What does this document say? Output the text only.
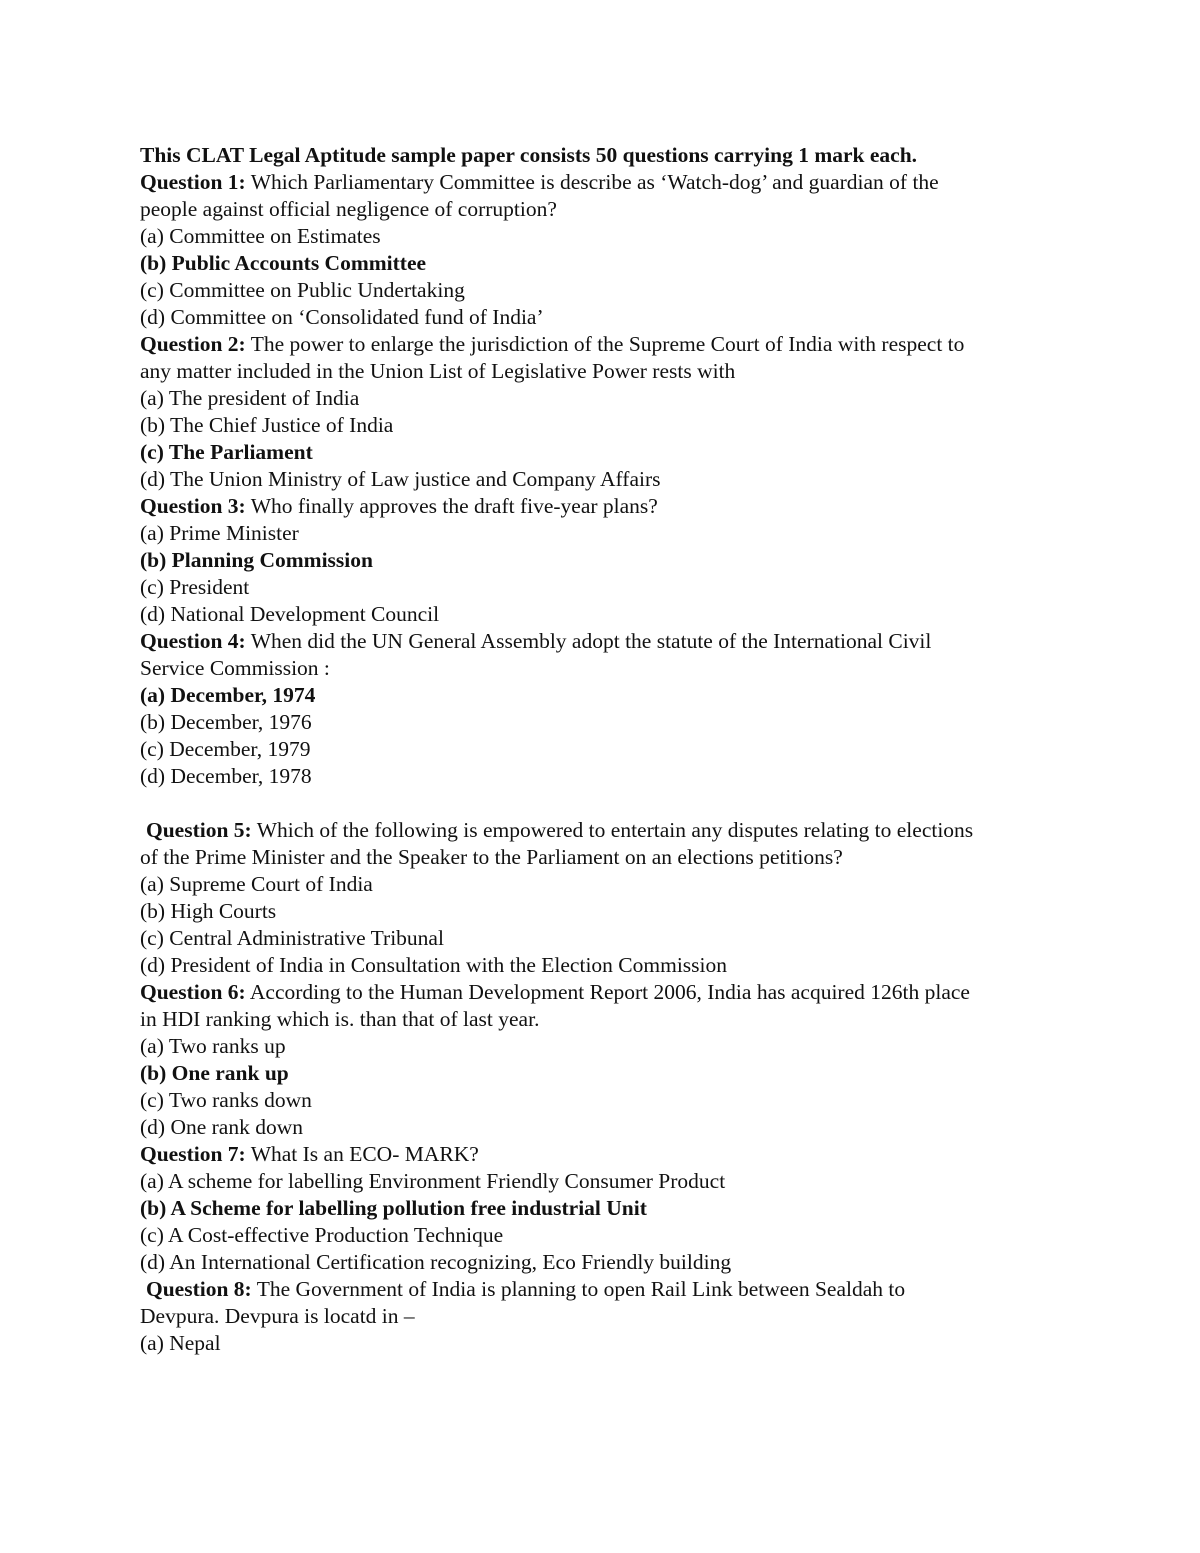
This CLAT Legal Aptitude sample paper consists 50 questions carrying 1 mark each.
Question 1: Which Parliamentary Committee is describe as ‘Watch-dog’ and guardian of the
people against official negligence of corruption?
(a) Committee on Estimates
(b) Public Accounts Committee
(c) Committee on Public Undertaking
(d) Committee on ‘Consolidated fund of India’
Question 2: The power to enlarge the jurisdiction of the Supreme Court of India with respect to
any matter included in the Union List of Legislative Power rests with
(a) The president of India
(b) The Chief Justice of India
(c) The Parliament
(d) The Union Ministry of Law justice and Company Affairs
Question 3: Who finally approves the draft five-year plans?
(a) Prime Minister
(b) Planning Commission
(c) President
(d) National Development Council
Question 4: When did the UN General Assembly adopt the statute of the International Civil
Service Commission :
(a) December, 1974
(b) December, 1976
(c) December, 1979
(d) December, 1978
Question 5: Which of the following is empowered to entertain any disputes relating to elections
of the Prime Minister and the Speaker to the Parliament on an elections petitions?
(a) Supreme Court of India
(b) High Courts
(c) Central Administrative Tribunal
(d) President of India in Consultation with the Election Commission
Question 6: According to the Human Development Report 2006, India has acquired 126th place
in HDI ranking which is. than that of last year.
(a) Two ranks up
(b) One rank up
(c) Two ranks down
(d) One rank down
Question 7: What Is an ECO- MARK?
(a) A scheme for labelling Environment Friendly Consumer Product
(b) A Scheme for labelling pollution free industrial Unit
(c) A Cost-effective Production Technique
(d) An International Certification recognizing, Eco Friendly building
Question 8: The Government of India is planning to open Rail Link between Sealdah to
Devpura. Devpura is locatd in –
(a) Nepal
